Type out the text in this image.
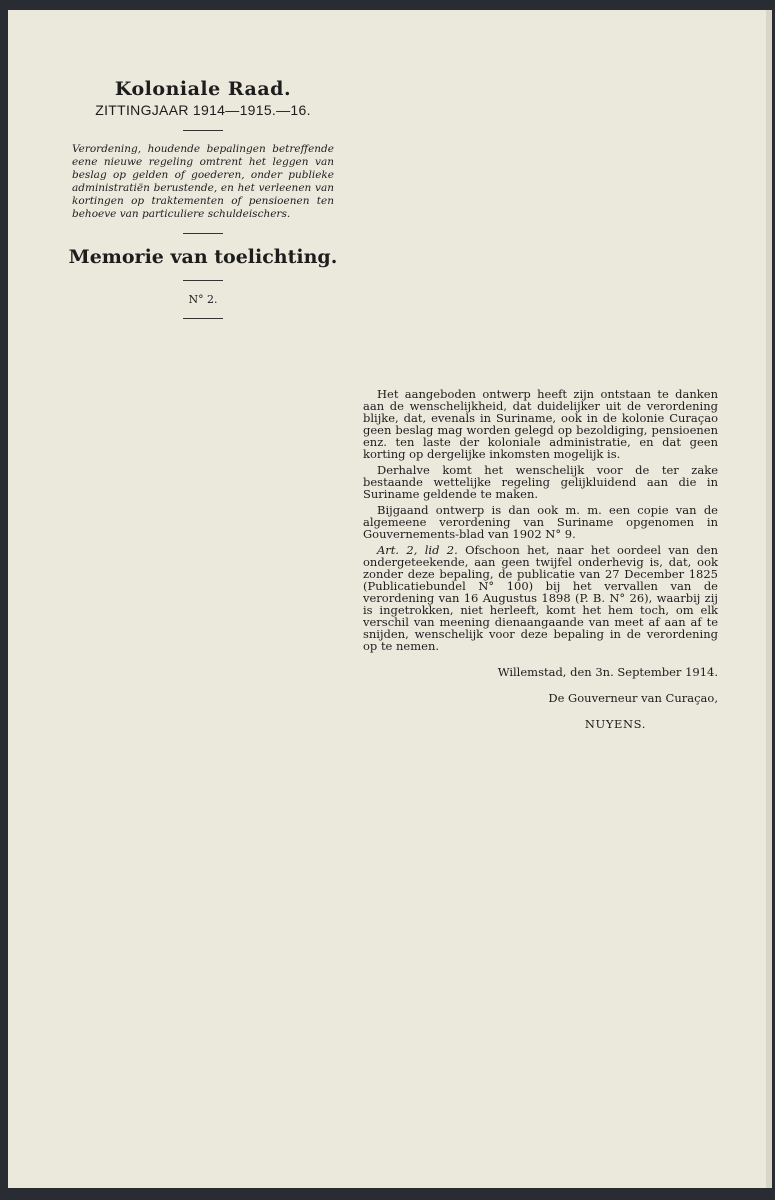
Koloniale Raad.
ZITTINGJAAR 1914—1915.—16.

Verordening, houdende bepalingen betreffende eene nieuwe regeling omtrent het leggen van beslag op gelden of goederen, onder publieke administratiën berustende, en het verleenen van kortingen op traktementen of pensioenen ten behoeve van particuliere schuldeischers.

Memorie van toelichting.
N° 2.

Het aangeboden ontwerp heeft zijn ontstaan te danken aan de wenschelijkheid, dat duidelijker uit de verordening blijke, dat, evenals in Suriname, ook in de kolonie Curaçao geen beslag mag worden gelegd op bezoldiging, pensioenen enz. ten laste der koloniale administratie, en dat geen korting op dergelijke inkomsten mogelijk is.

Derhalve komt het wenschelijk voor de ter zake bestaande wettelijke regeling gelijkluidend aan die in Suriname geldende te maken.

Bijgaand ontwerp is dan ook m. m. een copie van de algemeene verordening van Suriname opgenomen in Gouvernements-blad van 1902 N° 9.

Art. 2, lid 2. Ofschoon het, naar het oordeel van den ondergeteekende, aan geen twijfel onderhevig is, dat, ook zonder deze bepaling, de publicatie van 27 December 1825 (Publicatiebundel N° 100) bij het vervallen van de verordening van 16 Augustus 1898 (P. B. N° 26), waarbij zij is ingetrokken, niet herleeft, komt het hem toch, om elk verschil van meening dienaangaande van meet af aan af te snijden, wenschelijk voor deze bepaling in de verordening op te nemen.

Willemstad, den 3n. September 1914.
De Gouverneur van Curaçao,
NUYENS.
